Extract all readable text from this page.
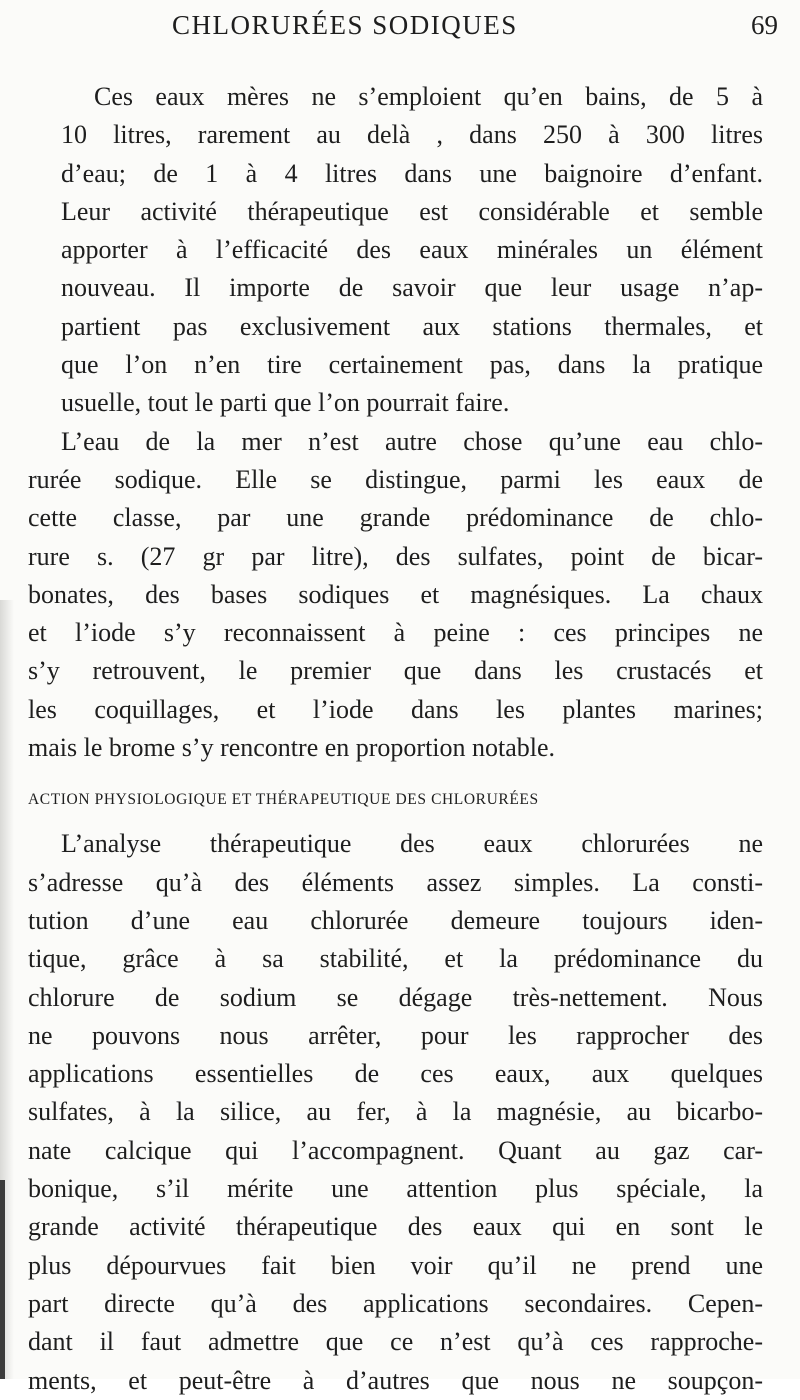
CHLORURÉES SODIQUES	69

Ces eaux mères ne s’emploient qu’en bains, de 5 à
10 litres, rarement au delà , dans 250 à 300 litres
d’eau; de 1 à 4 litres dans une baignoire d’enfant.
Leur activité thérapeutique est considérable et semble
apporter à l’efficacité des eaux minérales un élément
nouveau. Il importe de savoir que leur usage n’ap-
partient pas exclusivement aux stations thermales, et
que l’on n’en tire certainement pas, dans la pratique
usuelle, tout le parti que l’on pourrait faire.

L’eau de la mer n’est autre chose qu’une eau chlo-
rurée sodique. Elle se distingue, parmi les eaux de
cette classe, par une grande prédominance de chlo-
rure s. (27 gr par litre), des sulfates, point de bicar-
bonates, des bases sodiques et magnésiques. La chaux
et l’iode s’y reconnaissent à peine : ces principes ne
s’y retrouvent, le premier que dans les crustacés et
les coquillages, et l’iode dans les plantes marines;
mais le brome s’y rencontre en proportion notable.

ACTION PHYSIOLOGIQUE ET THÉRAPEUTIQUE DES CHLORURÉES

L’analyse thérapeutique des eaux chlorurées ne
s’adresse qu’à des éléments assez simples. La consti-
tution d’une eau chlorurée demeure toujours iden-
tique, grâce à sa stabilité, et la prédominance du
chlorure de sodium se dégage très-nettement. Nous
ne pouvons nous arrêter, pour les rapprocher des
applications essentielles de ces eaux, aux quelques
sulfates, à la silice, au fer, à la magnésie, au bicarbo-
nate calcique qui l’accompagnent. Quant au gaz car-
bonique, s’il mérite une attention plus spéciale, la
grande activité thérapeutique des eaux qui en sont le
plus dépourvues fait bien voir qu’il ne prend une
part directe qu’à des applications secondaires. Cepen-
dant il faut admettre que ce n’est qu’à ces rapproche-
ments, et peut-être à d’autres que nous ne soupçon-
